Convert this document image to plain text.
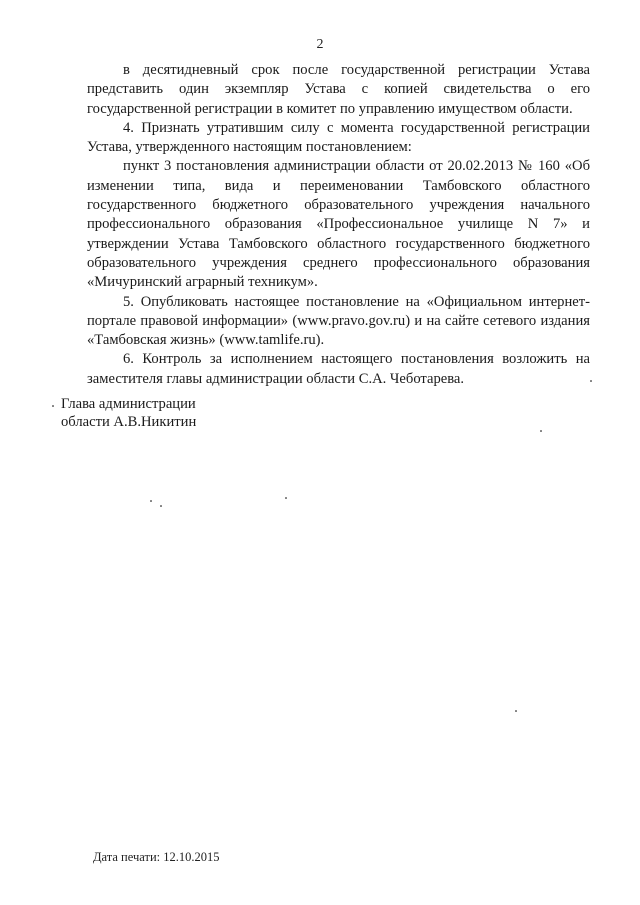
2

в десятидневный срок после государственной регистрации Устава представить один экземпляр Устава с копией свидетельства о его государственной регистрации в комитет по управлению имуществом области.

4. Признать утратившим силу с момента государственной регистрации Устава, утвержденного настоящим постановлением:

пункт 3 постановления администрации области от 20.02.2013 № 160 «Об изменении типа, вида и переименовании Тамбовского областного государственного бюджетного образовательного учреждения начального профессионального образования «Профессиональное училище N 7» и утверждении Устава Тамбовского областного государственного бюджетного образовательного учреждения среднего профессионального образования «Мичуринский аграрный техникум».

5. Опубликовать настоящее постановление на «Официальном интернет-портале правовой информации» (www.pravo.gov.ru) и на сайте сетевого издания «Тамбовская жизнь» (www.tamlife.ru).

6. Контроль за исполнением настоящего постановления возложить на заместителя главы администрации области С.А. Чеботарева.

Глава администрации
области А.В.Никитин
Дата печати: 12.10.2015
